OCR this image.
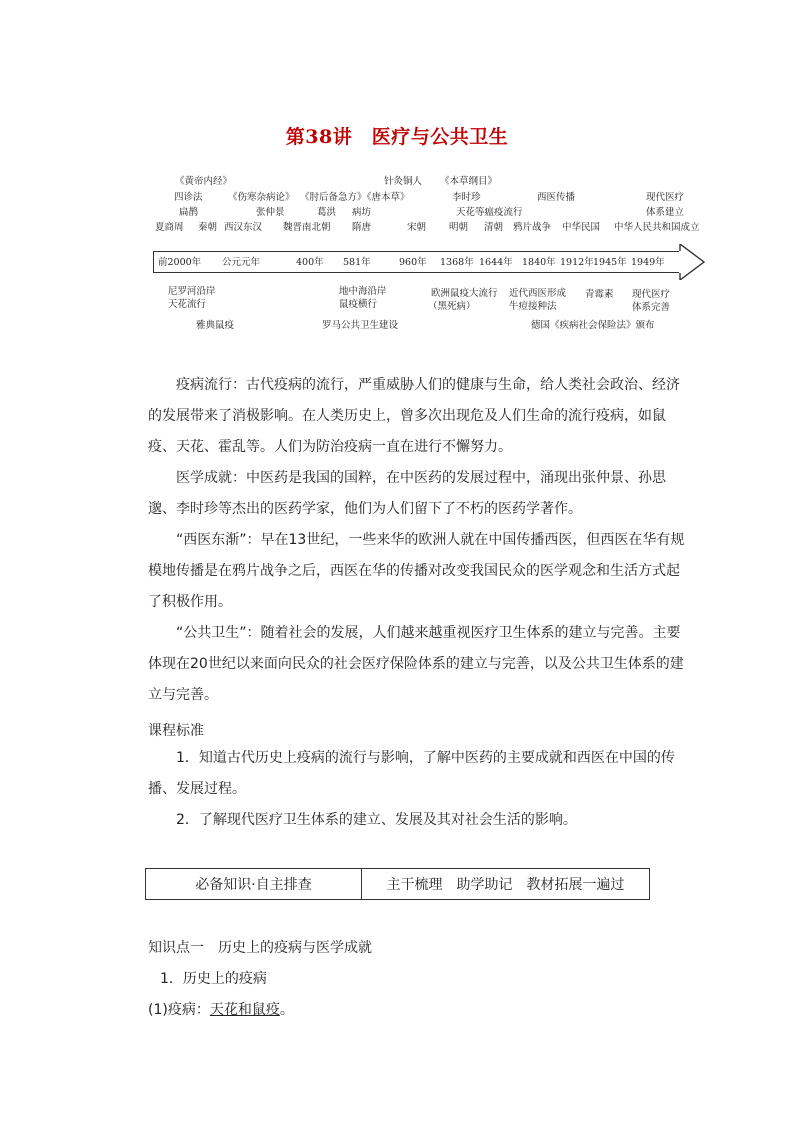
第38讲　医疗与公共卫生
《黄帝内经》
四诊法
扁鹊
《伤寒杂病论》 《肘后备急方》
《唐本草》
针灸铜人 《本草纲目》
张仲景	葛洪 病坊
李时珍
天花等瘟疫流行
西医传播	现代医疗
体系建立
夏商周 秦朝 西汉 东汉 魏晋南北朝 隋唐	宋朝 明朝 清朝 鸦片战争 中华民国 中华人民共和国成立
前2000年 公元元年	400年 581年	960年 1368年 1644年 1840年 1912年 1945年 1949年
尼罗河沿岸
天花流行
雅典鼠疫
地中海沿岸
鼠疫横行
罗马公共卫生建设
欧洲鼠疫大流行
（黑死病）
近代西医形成
牛痘接种法
青霉素 现代医疗
体系完善
德国《疾病社会保险法》颁布
疫病流行：古代疫病的流行，严重威胁人们的健康与生命，给人类社会政治、经济的发展带来了消极影响。在人类历史上，曾多次出现危及人们生命的流行疫病，如鼠疫、天花、霍乱等。人们为防治疫病一直在进行不懈努力。
医学成就：中医药是我国的国粹，在中医药的发展过程中，涌现出张仲景、孙思邈、李时珍等杰出的医药学家，他们为人们留下了不朽的医药学著作。
“西医东渐”：早在13世纪，一些来华的欧洲人就在中国传播西医，但西医在华有规模地传播是在鸦片战争之后，西医在华的传播对改变我国民众的医学观念和生活方式起了积极作用。
“公共卫生”：随着社会的发展，人们越来越重视医疗卫生体系的建立与完善。主要体现在20世纪以来面向民众的社会医疗保险体系的建立与完善，以及公共卫生体系的建立与完善。
课程标准
1．知道古代历史上疫病的流行与影响，了解中医药的主要成就和西医在中国的传播、发展过程。
2．了解现代医疗卫生体系的建立、发展及其对社会生活的影响。
必备知识·自主排查	主干梳理　助学助记　教材拓展一遍过
知识点一　历史上的疫病与医学成就
1．历史上的疫病
(1)疫病：天花和鼠疫。
